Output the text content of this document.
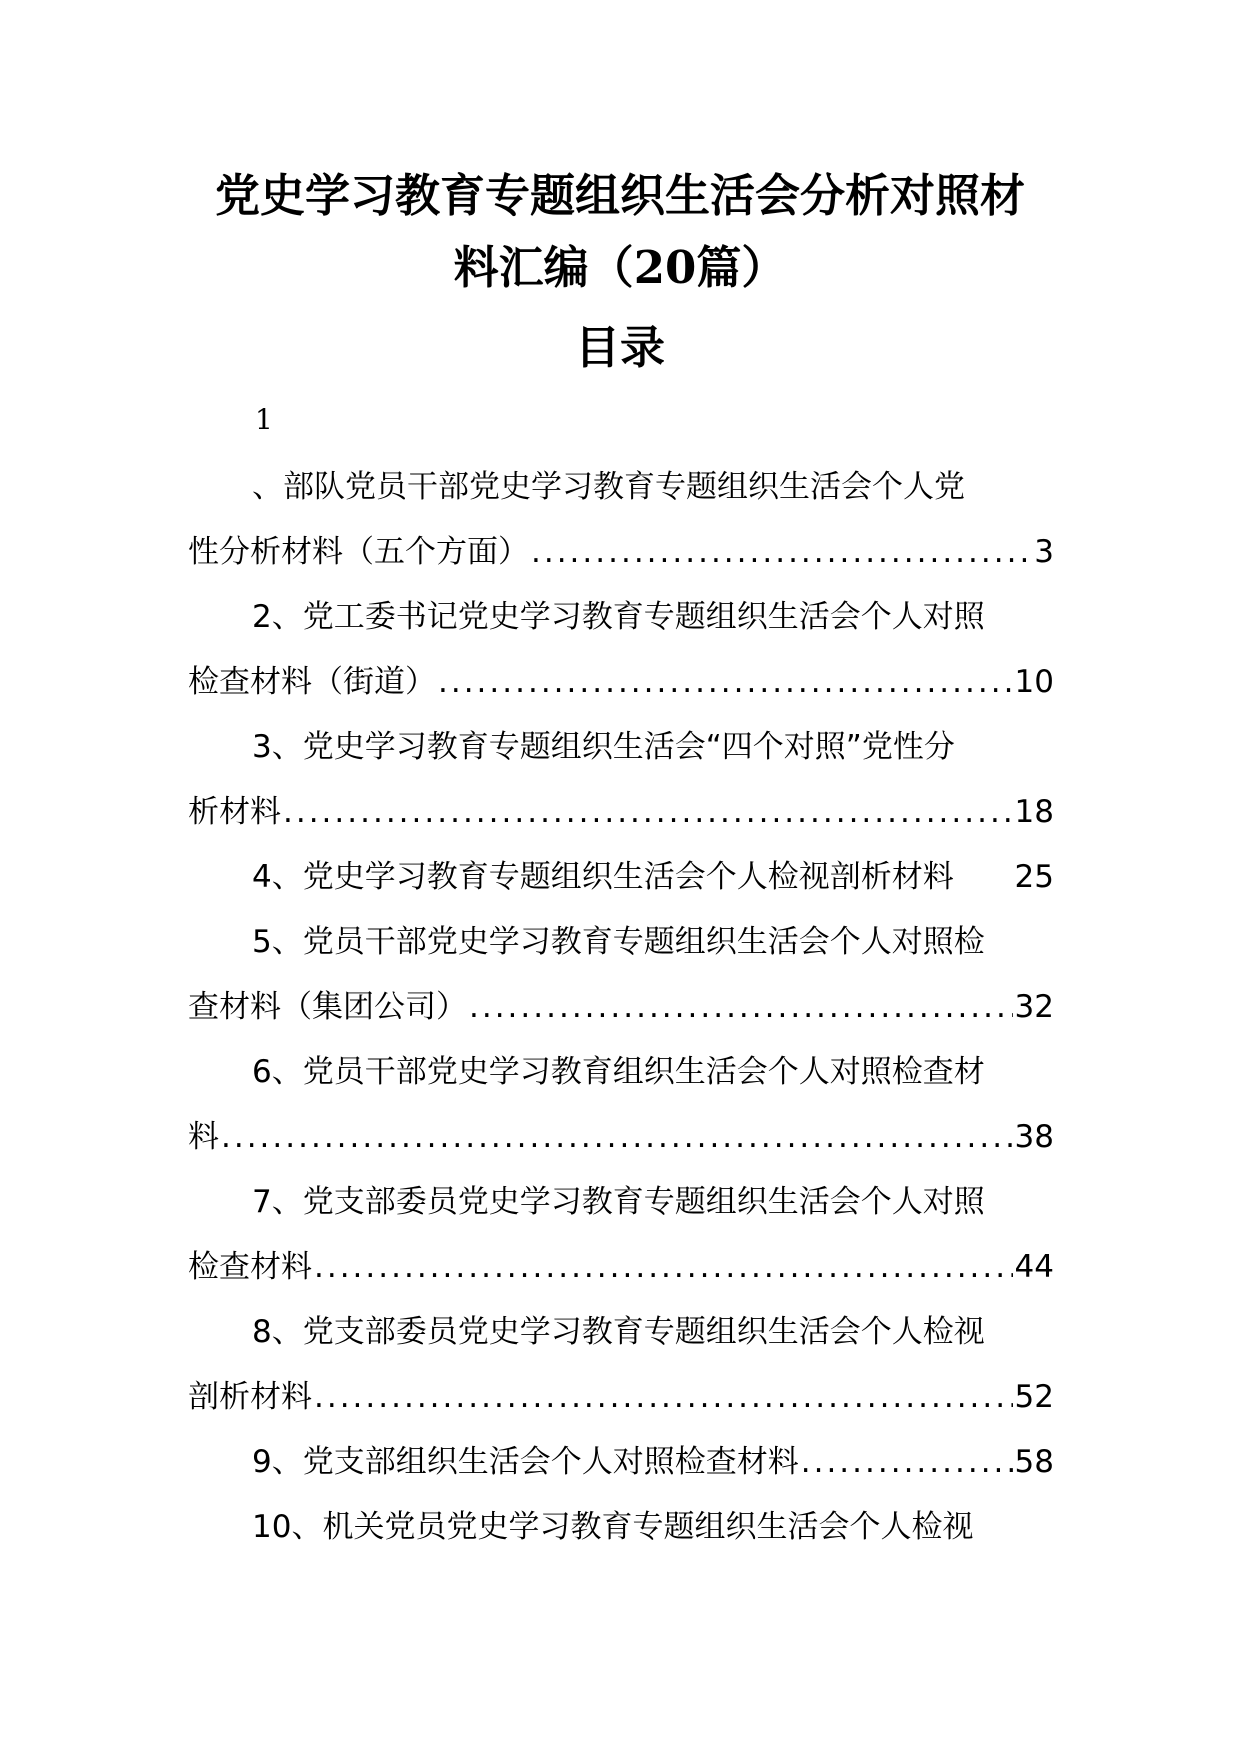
党史学习教育专题组织生活会分析对照材
料汇编（20篇）
目录
1
、部队党员干部党史学习教育专题组织生活会个人党
性分析材料（五个方面） .....	3
2、党工委书记党史学习教育专题组织生活会个人对照
检查材料（街道） .....	10
3、党史学习教育专题组织生活会“四个对照”党性分
析材料 .....	18
4、党史学习教育专题组织生活会个人检视剖析材料 25
5、党员干部党史学习教育专题组织生活会个人对照检
查材料（集团公司） .....	32
6、党员干部党史学习教育组织生活会个人对照检查材
料 .....	38
7、党支部委员党史学习教育专题组织生活会个人对照
检查材料 .....	44
8、党支部委员党史学习教育专题组织生活会个人检视
剖析材料 .....	52
9、党支部组织生活会个人对照检查材料 .....	58
10、机关党员党史学习教育专题组织生活会个人检视
